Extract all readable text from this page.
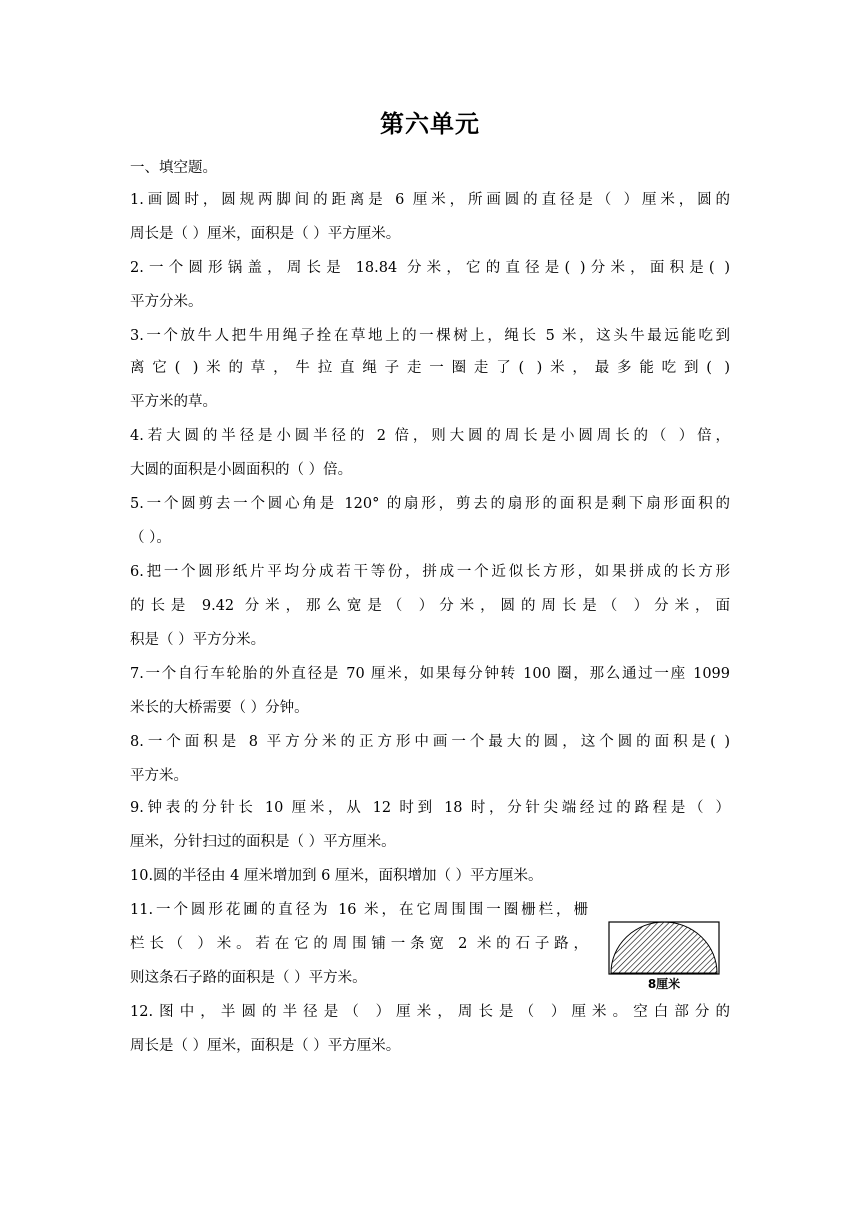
第六单元
一、填空题。
1.画圆时，圆规两脚间的距离是 6 厘米，所画圆的直径是（ ）厘米，圆的
周长是（ ）厘米，面积是（ ）平方厘米。
2.一个圆形锅盖，周长是 18.84 分米，它的直径是( )分米，面积是( )
平方分米。
3.一个放牛人把牛用绳子拴在草地上的一棵树上，绳长 5 米，这头牛最远能吃到
离它( )米的草，牛拉直绳子走一圈走了( )米，最多能吃到( )
平方米的草。
4.若大圆的半径是小圆半径的 2 倍，则大圆的周长是小圆周长的（ ）倍，
大圆的面积是小圆面积的（ ）倍。
5.一个圆剪去一个圆心角是 120° 的扇形，剪去的扇形的面积是剩下扇形面积的
（ ）。
6.把一个圆形纸片平均分成若干等份，拼成一个近似长方形，如果拼成的长方形
的长是 9.42 分米，那么宽是（ ）分米，圆的周长是（ ）分米，面
积是（ ）平方分米。
7.一个自行车轮胎的外直径是 70 厘米，如果每分钟转 100 圈，那么通过一座 1099
米长的大桥需要（ ）分钟。
8.一个面积是 8 平方分米的正方形中画一个最大的圆，这个圆的面积是( )
平方米。
9.钟表的分针长 10 厘米，从 12 时到 18 时，分针尖端经过的路程是（ ）
厘米，分针扫过的面积是（ ）平方厘米。
10.圆的半径由 4 厘米增加到 6 厘米，面积增加（ ）平方厘米。
11.一个圆形花圃的直径为 16 米，在它周围围一圈栅栏，栅
栏长（ ）米。若在它的周围铺一条宽 2 米的石子路，
则这条石子路的面积是（ ）平方米。
12.图中，半圆的半径是（ ）厘米，周长是（ ）厘米。空白部分的
周长是（ ）厘米，面积是（ ）平方厘米。
8厘米
